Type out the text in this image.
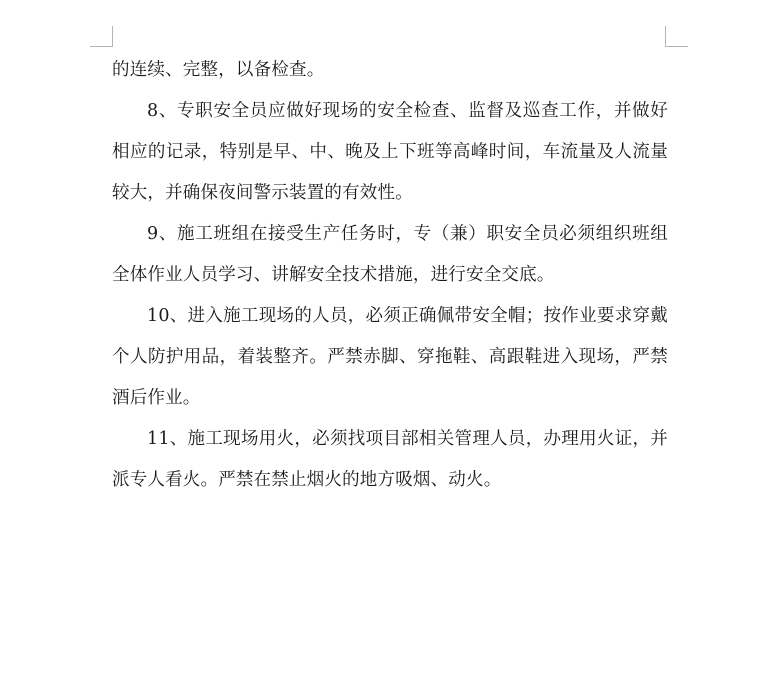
的连续、完整，以备检查。

8、专职安全员应做好现场的安全检查、监督及巡查工作，并做好相应的记录，特别是早、中、晚及上下班等高峰时间，车流量及人流量较大，并确保夜间警示装置的有效性。

9、施工班组在接受生产任务时，专（兼）职安全员必须组织班组全体作业人员学习、讲解安全技术措施，进行安全交底。

10、进入施工现场的人员，必须正确佩带安全帽；按作业要求穿戴个人防护用品，着装整齐。严禁赤脚、穿拖鞋、高跟鞋进入现场，严禁酒后作业。

11、施工现场用火，必须找项目部相关管理人员，办理用火证，并派专人看火。严禁在禁止烟火的地方吸烟、动火。
